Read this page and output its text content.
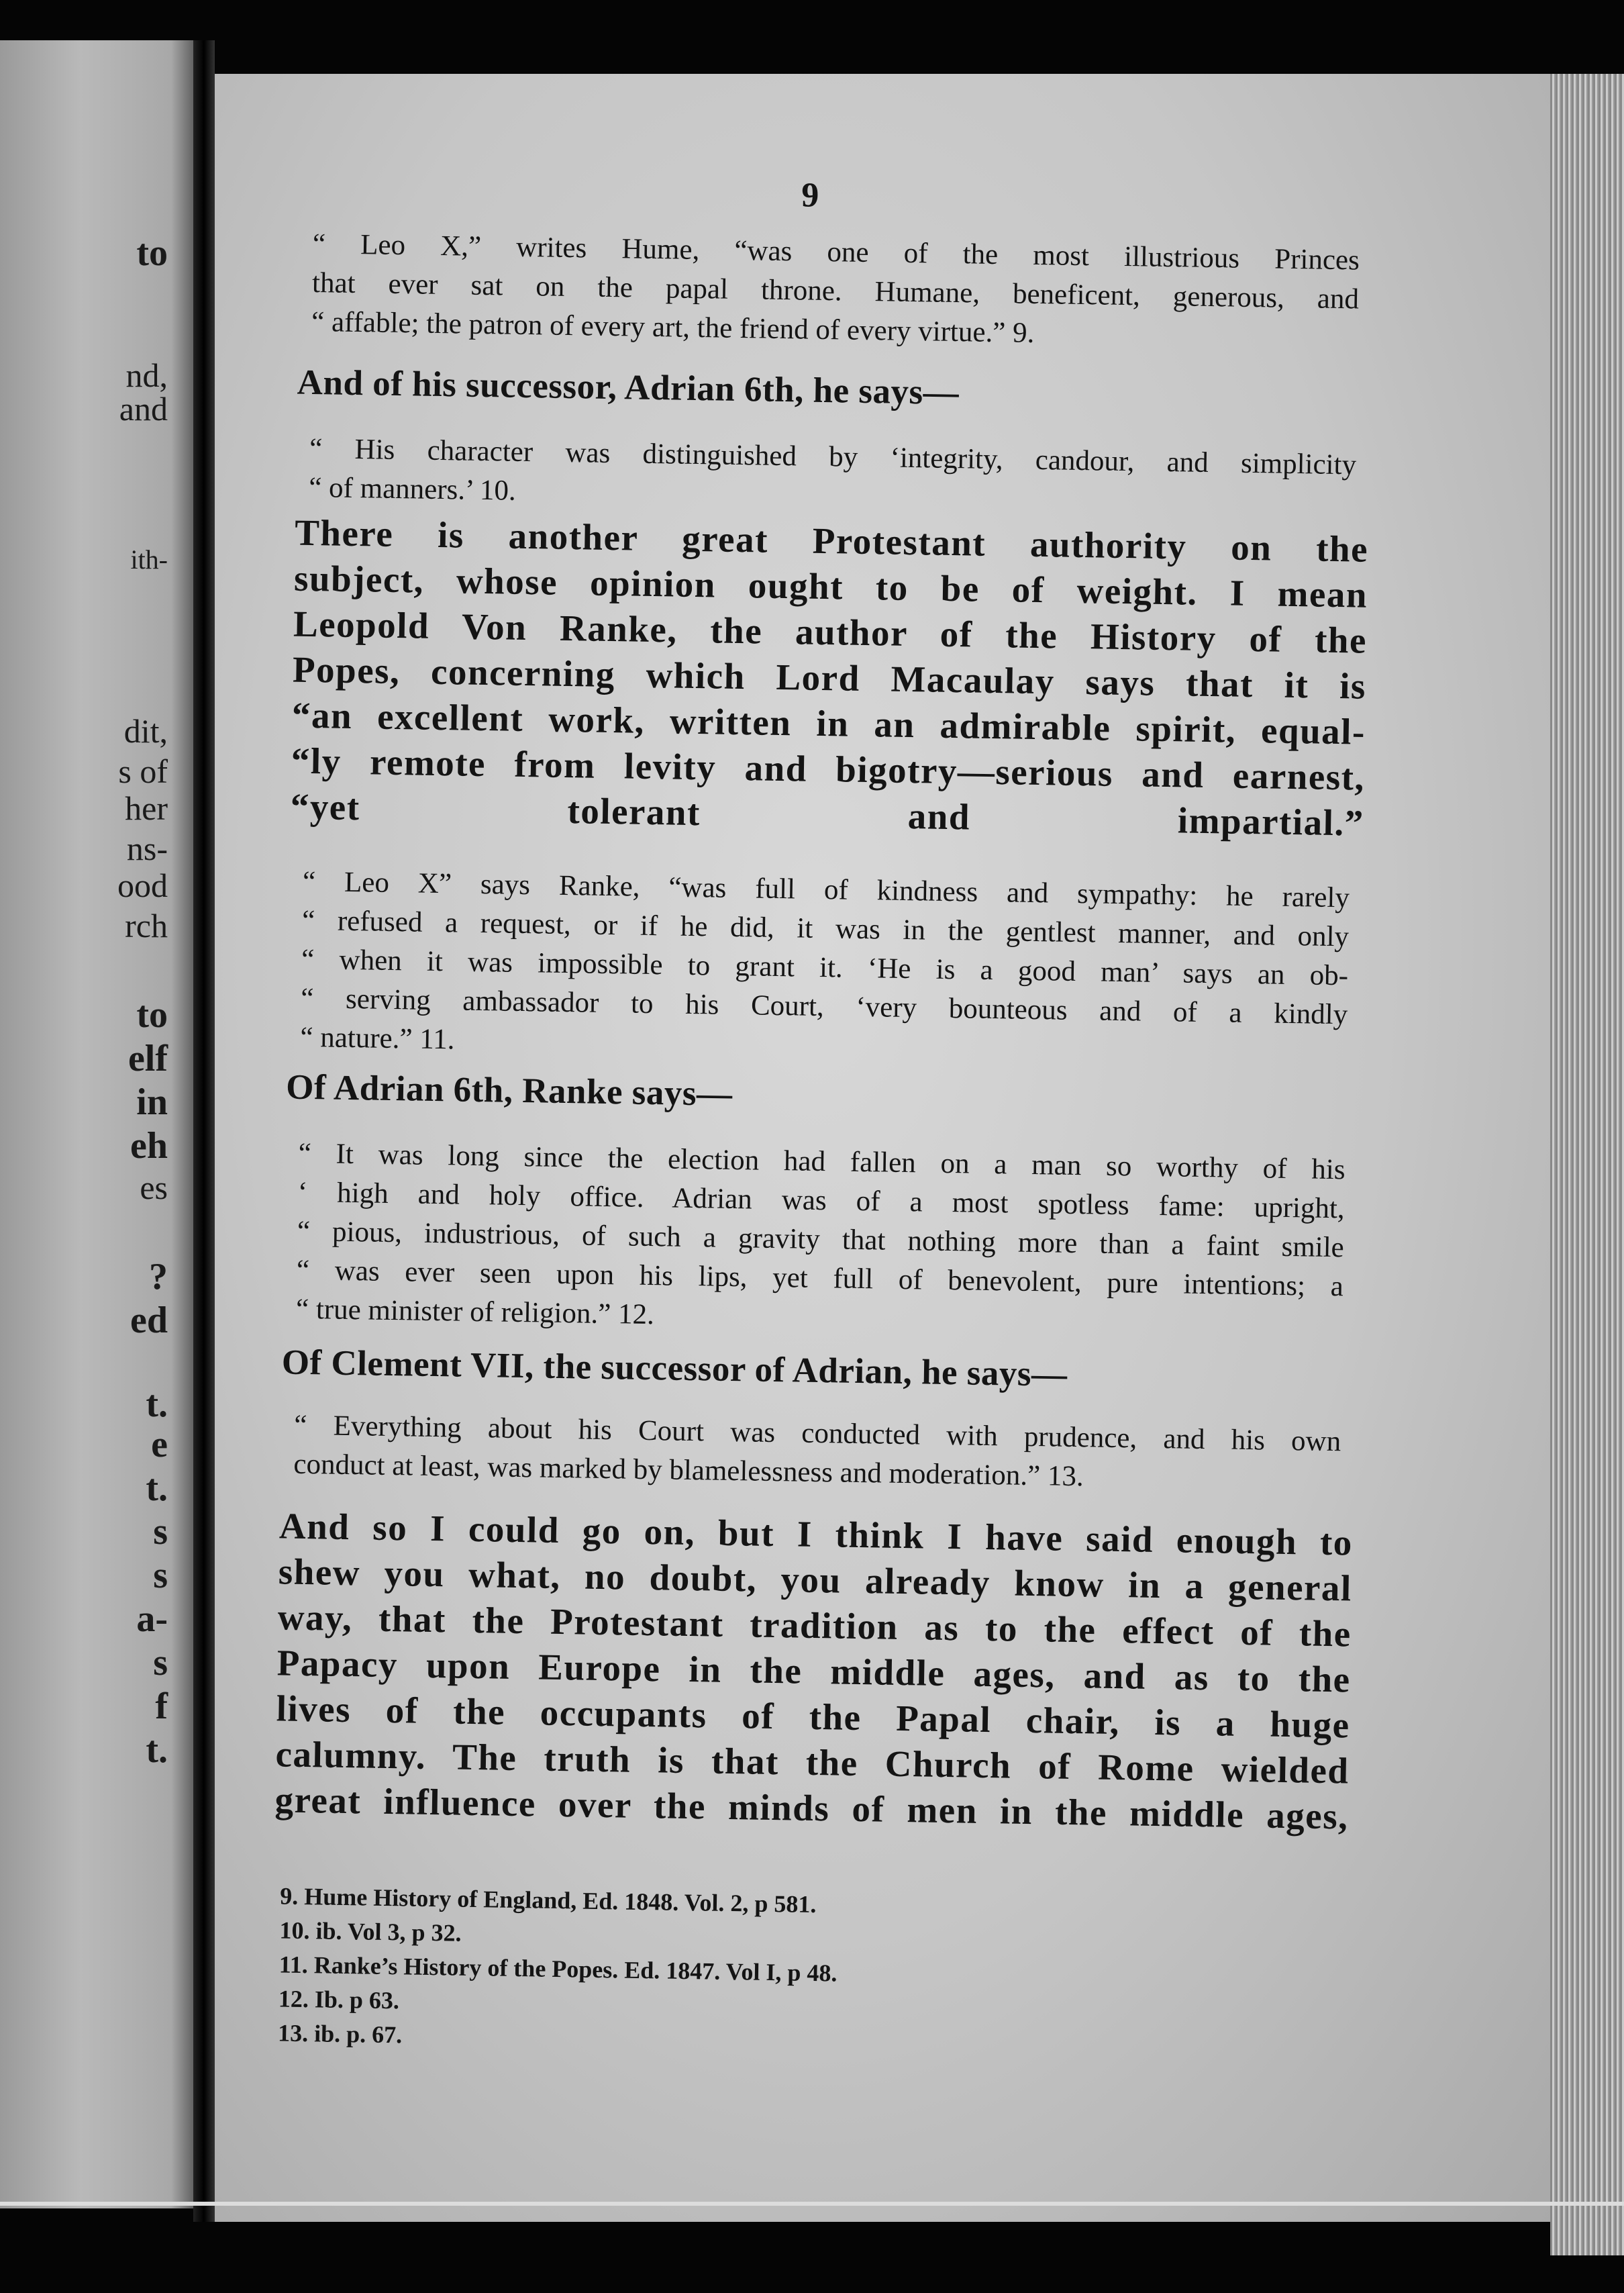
to
nd,
and
ith-
dit,
s of
her
ns-
ood
rch
to
elf
in
eh
es
?
ed
t.
e
t.
s
s
a-
s
f
t.
9
“ Leo X,” writes Hume, “was one of the most illustrious Princes
that ever sat on the papal throne. Humane, beneficent, generous, and
“ affable; the patron of every art, the friend of every virtue.” 9.
And of his successor, Adrian 6th, he says—
“ His character was distinguished by ‘integrity, candour, and simplicity
“ of manners.’ 10.
There is another great Protestant authority on the
subject, whose opinion ought to be of weight. I mean
Leopold Von Ranke, the author of the History of the
Popes, concerning which Lord Macaulay says that it is
“an excellent work, written in an admirable spirit, equal-
“ly remote from levity and bigotry—serious and earnest,
“yet tolerant and impartial.”
“ Leo X” says Ranke, “was full of kindness and sympathy: he rarely
“ refused a request, or if he did, it was in the gentlest manner, and only
“ when it was impossible to grant it. ‘He is a good man’ says an ob-
“ serving ambassador to his Court, ‘very bounteous and of a kindly
“ nature.” 11.
Of Adrian 6th, Ranke says—
“ It was long since the election had fallen on a man so worthy of his
‘ high and holy office. Adrian was of a most spotless fame: upright,
“ pious, industrious, of such a gravity that nothing more than a faint smile
“ was ever seen upon his lips, yet full of benevolent, pure intentions; a
“ true minister of religion.” 12.
Of Clement VII, the successor of Adrian, he says—
“ Everything about his Court was conducted with prudence, and his own
conduct at least, was marked by blamelessness and moderation.” 13.
And so I could go on, but I think I have said enough to
shew you what, no doubt, you already know in a general
way, that the Protestant tradition as to the effect of the
Papacy upon Europe in the middle ages, and as to the
lives of the occupants of the Papal chair, is a huge
calumny. The truth is that the Church of Rome wielded
great influence over the minds of men in the middle ages,
9. Hume History of England, Ed. 1848. Vol. 2, p 581.
10. ib. Vol 3, p 32.
11. Ranke’s History of the Popes. Ed. 1847. Vol I, p 48.
12. Ib. p 63.
13. ib. p. 67.
